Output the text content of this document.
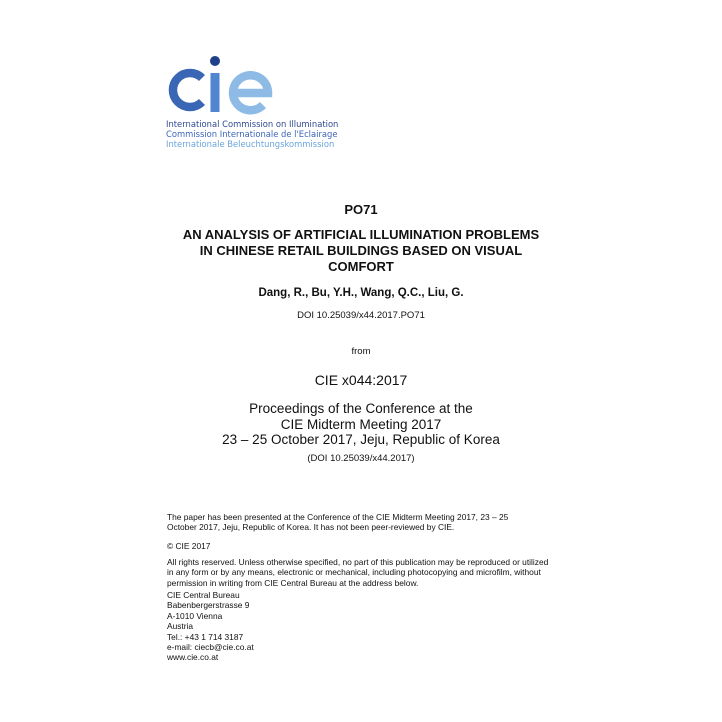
International Commission on Illumination
Commission Internationale de l'Eclairage
Internationale Beleuchtungskommission
PO71
AN ANALYSIS OF ARTIFICIAL ILLUMINATION PROBLEMS
IN CHINESE RETAIL BUILDINGS BASED ON VISUAL
COMFORT
Dang, R., Bu, Y.H., Wang, Q.C., Liu, G.
DOI 10.25039/x44.2017.PO71
from
CIE x044:2017
Proceedings of the Conference at the
CIE Midterm Meeting 2017
23 – 25 October 2017, Jeju, Republic of Korea
(DOI 10.25039/x44.2017)
The paper has been presented at the Conference of the CIE Midterm Meeting 2017, 23 – 25
October 2017, Jeju, Republic of Korea. It has not been peer-reviewed by CIE.
© CIE 2017
All rights reserved. Unless otherwise specified, no part of this publication may be reproduced or utilized
in any form or by any means, electronic or mechanical, including photocopying and microfilm, without
permission in writing from CIE Central Bureau at the address below.
CIE Central Bureau
Babenbergerstrasse 9
A-1010 Vienna
Austria
Tel.: +43 1 714 3187
e-mail: ciecb@cie.co.at
www.cie.co.at
